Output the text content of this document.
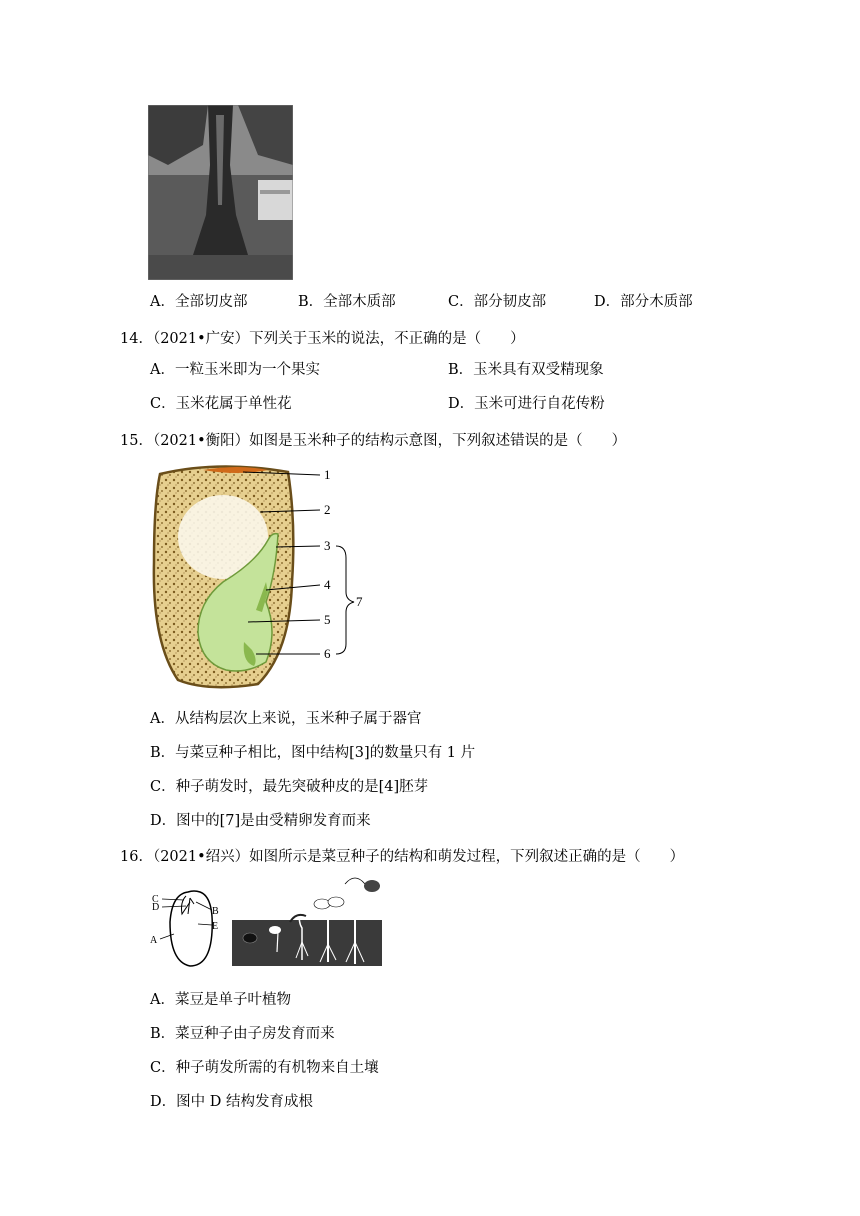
A．全部切皮部	B．全部木质部	C．部分韧皮部	D．部分木质部
14．（2021•广安）下列关于玉米的说法，不正确的是（　　）
A．一粒玉米即为一个果实	B．玉米具有双受精现象
C．玉米花属于单性花	D．玉米可进行自花传粉
15．（2021•衡阳）如图是玉米种子的结构示意图，下列叙述错误的是（　　）
1
2
3
4
5
6
7
A．从结构层次上来说，玉米种子属于器官
B．与菜豆种子相比，图中结构[3]的数量只有 1 片
C．种子萌发时，最先突破种皮的是[4]胚芽
D．图中的[7]是由受精卵发育而来
16．（2021•绍兴）如图所示是菜豆种子的结构和萌发过程，下列叙述正确的是（　　）
C
D	B
E
A
A．菜豆是单子叶植物
B．菜豆种子由子房发育而来
C．种子萌发所需的有机物来自土壤
D．图中 D 结构发育成根
